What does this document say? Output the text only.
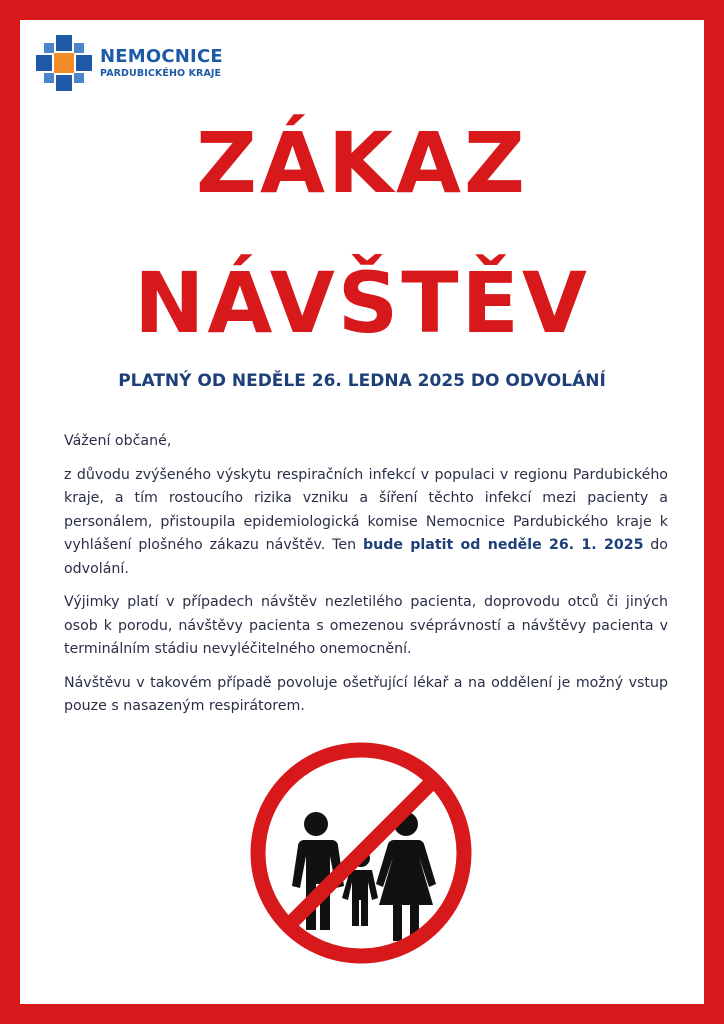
NEMOCNICE
PARDUBICKÉHO KRAJE
ZÁKAZ
NÁVŠTĚV
PLATNÝ OD NEDĚLE 26. LEDNA 2025 DO ODVOLÁNÍ

Vážení občané,

z důvodu zvýšeného výskytu respiračních infekcí v populaci v regionu Pardubického kraje, a tím rostoucího rizika vzniku a šíření těchto infekcí mezi pacienty a personálem, přistoupila epidemiologická komise Nemocnice Pardubického kraje k vyhlášení plošného zákazu návštěv. Ten bude platit od neděle 26. 1. 2025 do odvolání.

Výjimky platí v případech návštěv nezletilého pacienta, doprovodu otců či jiných osob k porodu, návštěvy pacienta s omezenou svéprávností a návštěvy pacienta v terminálním stádiu nevyléčitelného onemocnění.

Návštěvu v takovém případě povoluje ošetřující lékař a na oddělení je možný vstup pouze s nasazeným respirátorem.
